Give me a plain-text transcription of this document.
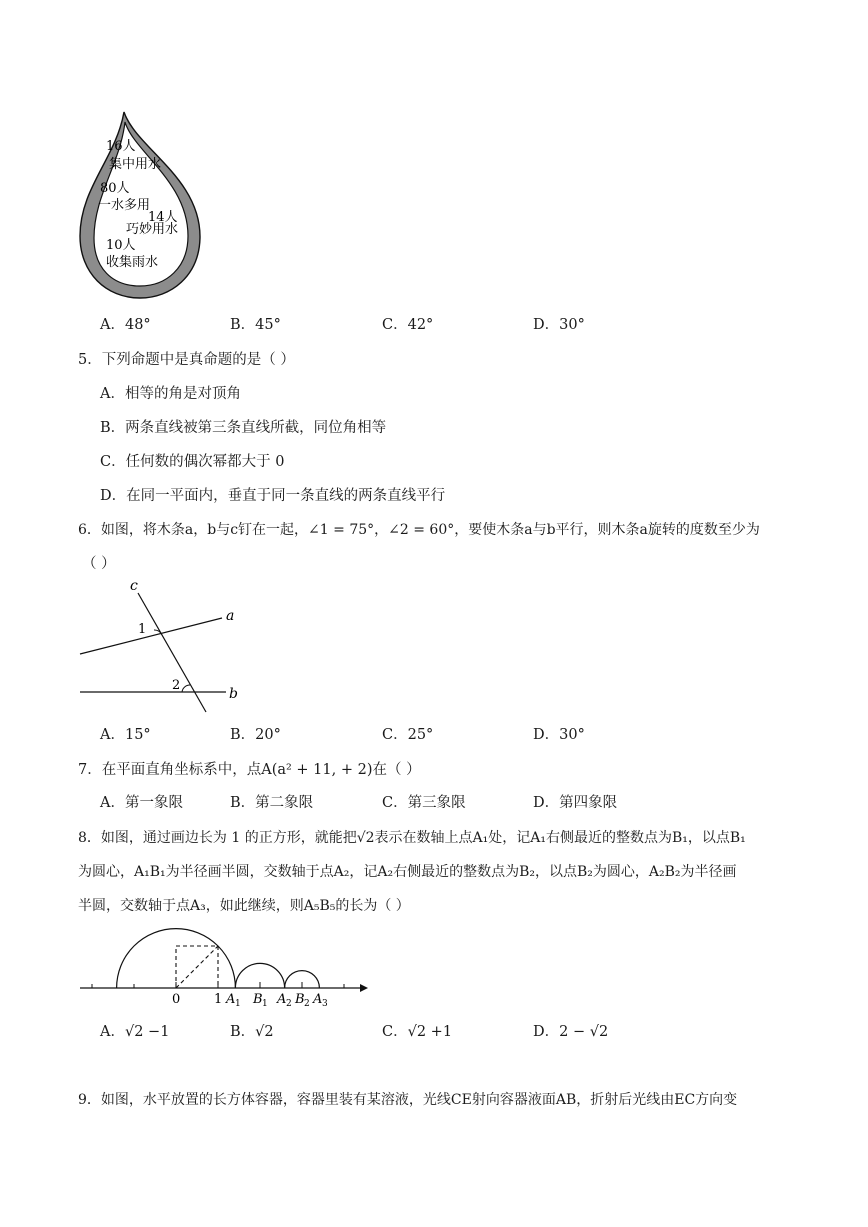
16人
集中用水
80人
一水多用
14人
巧妙用水
10人
收集雨水
A．48°	B．45°	C．42°	D．30°
5．下列命题中是真命题的是（ ）
A．相等的角是对顶角
B．两条直线被第三条直线所截，同位角相等
C．任何数的偶次幂都大于 0
D．在同一平面内，垂直于同一条直线的两条直线平行
6．如图，将木条a，b与c钉在一起，∠1 = 75°，∠2 = 60°，要使木条a与b平行，则木条a旋转的度数至少为
（ ）
c
a
b
1
2
A．15°	B．20°	C．25°	D．30°
7．在平面直角坐标系中，点A(a² + 11, + 2)在（ ）
A．第一象限	B．第二象限	C．第三象限	D．第四象限
8．如图，通过画边长为 1 的正方形，就能把√2表示在数轴上点A₁处，记A₁右侧最近的整数点为B₁，以点B₁
为圆心，A₁B₁为半径画半圆，交数轴于点A₂，记A₂右侧最近的整数点为B₂，以点B₂为圆心，A₂B₂为半径画
半圆，交数轴于点A₃，如此继续，则A₅B₅的长为（ ）
0	1 A 1 B 1 A 2 B 2 A 3
A．√2 −1	B．√2	C．√2 +1	D．2 − √2
9．如图，水平放置的长方体容器，容器里装有某溶液，光线CE射向容器液面AB，折射后光线由EC方向变
